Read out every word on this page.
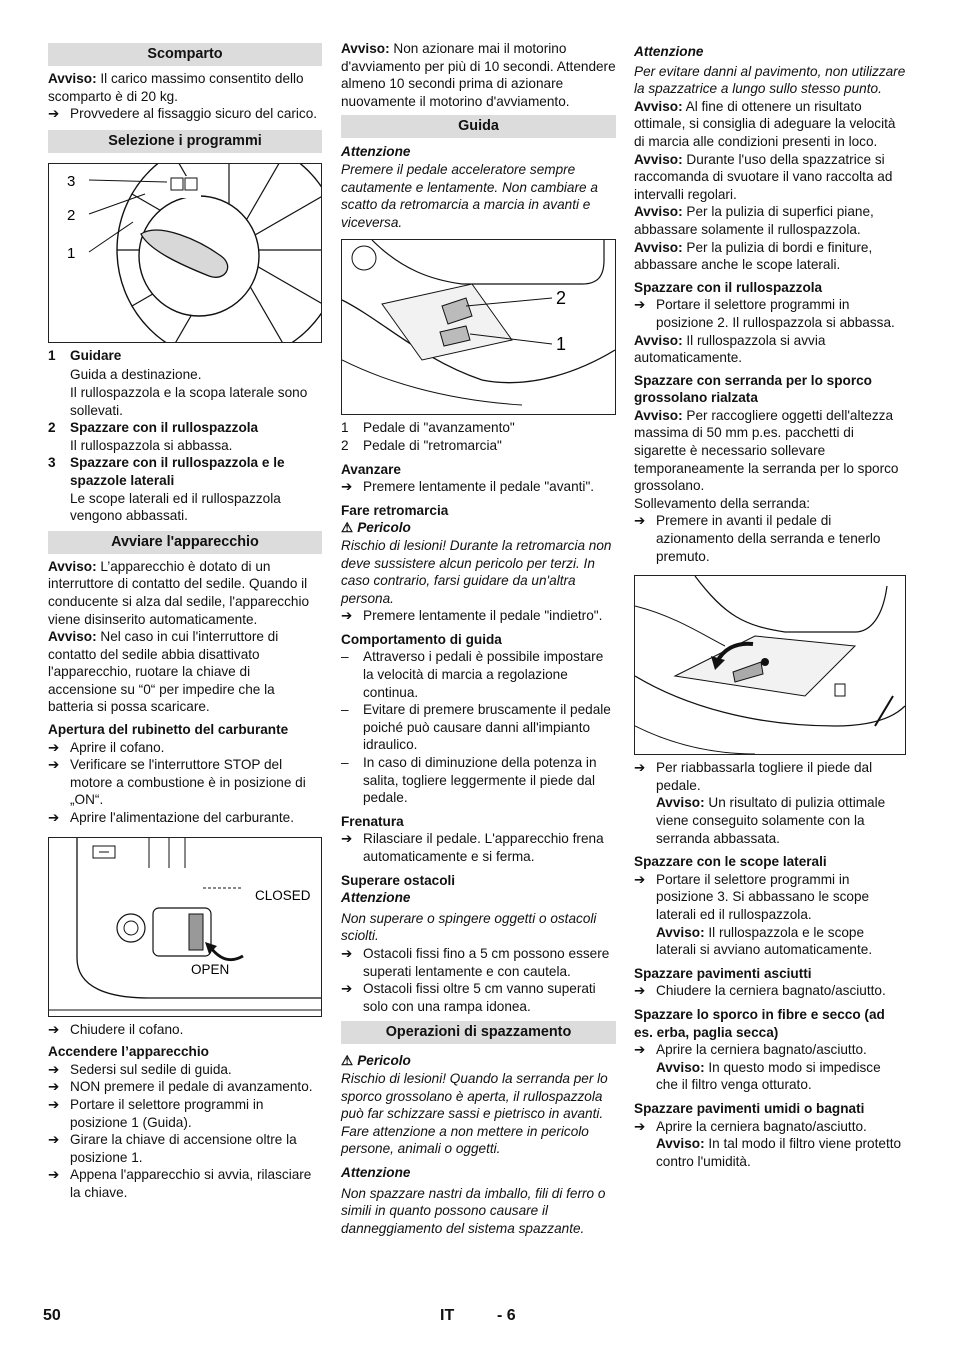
Scomparto

Avviso: Il carico massimo consentito dello scomparto è di 20 kg.

➔ Provvedere al fissaggio sicuro del carico.
Selezione i programmi
3
2
1
1 Guidare
Guida a destinazione.
Il rullospazzola e la scopa laterale sono sollevati.
2 Spazzare con il rullospazzola
Il rullospazzola si abbassa.
3 Spazzare con il rullospazzola e le spazzole laterali
Le scope laterali ed il rullospazzola vengono abbassati.
Avviare l'apparecchio

Avviso: L’apparecchio è dotato di un interruttore di contatto del sedile. Quando il conducente si alza dal sedile, l'apparecchio viene disinserito automaticamente.

Avviso: Nel caso in cui l'interruttore di contatto del sedile abbia disattivato l'apparecchio, ruotare la chiave di accensione su “0“ per impedire che la batteria si possa scaricare.

Apertura del rubinetto del carburante
➔ Aprire il cofano.
➔ Verificare se l'interruttore STOP del motore a combustione è in posizione di „ON“.
➔ Aprire l'alimentazione del carburante.
CLOSED
OPEN
➔ Chiudere il cofano.
Accendere l’apparecchio
➔ Sedersi sul sedile di guida.
➔ NON premere il pedale di avanzamento.
➔ Portare il selettore programmi in posizione 1 (Guida).
➔ Girare la chiave di accensione oltre la posizione 1.
➔ Appena l'apparecchio si avvia, rilasciare la chiave.

Avviso: Non azionare mai il motorino d'avviamento per più di 10 secondi. Attendere almeno 10 secondi prima di azionare nuovamente il motorino d'avviamento.

Guida
Attenzione

Premere il pedale acceleratore sempre cautamente e lentamente. Non cambiare a scatto da retromarcia a marcia in avanti e viceversa.

2
1
1 Pedale di "avanzamento"
2 Pedale di "retromarcia"
Avanzare
➔ Premere lentamente il pedale "avanti".
Fare retromarcia
⚠ Pericolo

Rischio di lesioni! Durante la retromarcia non deve sussistere alcun pericolo per terzi. In caso contrario, farsi guidare da un'altra persona.

➔ Premere lentamente il pedale "indietro".
Comportamento di guida
– Attraverso i pedali è possibile impostare la velocità di marcia a regolazione continua.
– Evitare di premere bruscamente il pedale poiché può causare danni all'impianto idraulico.
– In caso di diminuzione della potenza in salita, togliere leggermente il piede dal pedale.
Frenatura
➔ Rilasciare il pedale. L'apparecchio frena automaticamente e si ferma.
Superare ostacoli
Attenzione

Non superare o spingere oggetti o ostacoli sciolti.

➔ Ostacoli fissi fino a 5 cm possono essere superati lentamente e con cautela.
➔ Ostacoli fissi oltre 5 cm vanno superati solo con una rampa idonea.
Operazioni di spazzamento
⚠ Pericolo

Rischio di lesioni! Quando la serranda per lo sporco grossolano è aperta, il rullospazzola può far schizzare sassi e pietrisco in avanti. Fare attenzione a non mettere in pericolo persone, animali o oggetti.

Attenzione

Non spazzare nastri da imballo, fili di ferro o simili in quanto possono causare il danneggiamento del sistema spazzante.

Attenzione

Per evitare danni al pavimento, non utilizzare la spazzatrice a lungo sullo stesso punto.

Avviso: Al fine di ottenere un risultato ottimale, si consiglia di adeguare la velocità di marcia alle condizioni presenti in loco.

Avviso: Durante l'uso della spazzatrice si raccomanda di svuotare il vano raccolta ad intervalli regolari.

Avviso: Per la pulizia di superfici piane, abbassare solamente il rullospazzola.

Avviso: Per la pulizia di bordi e finiture, abbassare anche le scope laterali.

Spazzare con il rullospazzola
➔ Portare il selettore programmi in posizione 2. Il rullospazzola si abbassa.

Avviso: Il rullospazzola si avvia automaticamente.

Spazzare con serranda per lo sporco grossolano rialzata

Avviso: Per raccogliere oggetti dell'altezza massima di 50 mm p.es. pacchetti di sigarette è necessario sollevare temporaneamente la serranda per lo sporco grossolano.

Sollevamento della serranda:

➔ Premere in avanti il pedale di azionamento della serranda e tenerlo premuto.
➔ Per riabbassarla togliere il piede dal pedale.

Avviso: Un risultato di pulizia ottimale viene conseguito solamente con la serranda abbassata.

Spazzare con le scope laterali
➔ Portare il selettore programmi in posizione 3. Si abbassano le scope laterali ed il rullospazzola.

Avviso: Il rullospazzola e le scope laterali si avviano automaticamente.

Spazzare pavimenti asciutti
➔ Chiudere la cerniera bagnato/asciutto.
Spazzare lo sporco in fibre e secco (ad es. erba, paglia secca)
➔ Aprire la cerniera bagnato/asciutto.

Avviso: In questo modo si impedisce che il filtro venga otturato.

Spazzare pavimenti umidi o bagnati
➔ Aprire la cerniera bagnato/asciutto.

Avviso: In tal modo il filtro viene protetto contro l'umidità.

50	IT	- 6
